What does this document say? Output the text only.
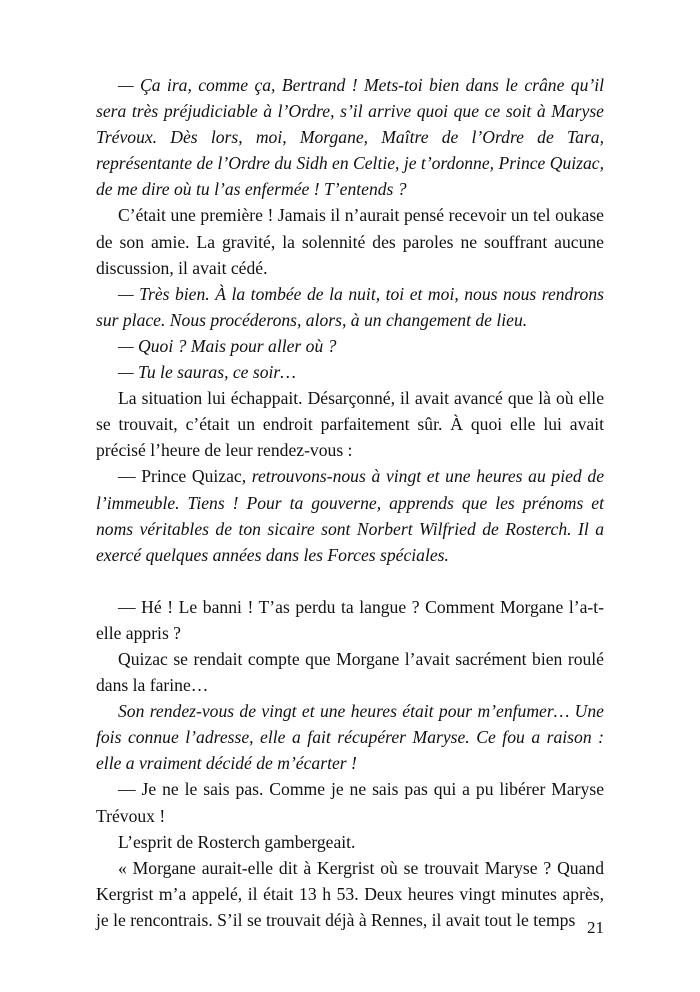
— Ça ira, comme ça, Bertrand ! Mets-toi bien dans le crâne qu’il sera très préjudiciable à l’Ordre, s’il arrive quoi que ce soit à Maryse Trévoux. Dès lors, moi, Morgane, Maître de l’Ordre de Tara, représentante de l’Ordre du Sidh en Celtie, je t’ordonne, Prince Quizac, de me dire où tu l’as enfermée ! T’entends ?

C’était une première ! Jamais il n’aurait pensé recevoir un tel oukase de son amie. La gravité, la solennité des paroles ne souffrant aucune discussion, il avait cédé.

— Très bien. À la tombée de la nuit, toi et moi, nous nous rendrons sur place. Nous procéderons, alors, à un changement de lieu.

— Quoi ? Mais pour aller où ?

— Tu le sauras, ce soir…

La situation lui échappait. Désarçonné, il avait avancé que là où elle se trouvait, c’était un endroit parfaitement sûr. À quoi elle lui avait précisé l’heure de leur rendez-vous :

— Prince Quizac, retrouvons-nous à vingt et une heures au pied de l’immeuble. Tiens ! Pour ta gouverne, apprends que les prénoms et noms véritables de ton sicaire sont Norbert Wilfried de Rosterch. Il a exercé quelques années dans les Forces spéciales.

— Hé ! Le banni ! T’as perdu ta langue ? Comment Morgane l’a-t-elle appris ?

Quizac se rendait compte que Morgane l’avait sacrément bien roulé dans la farine…

Son rendez-vous de vingt et une heures était pour m’enfumer… Une fois connue l’adresse, elle a fait récupérer Maryse. Ce fou a raison : elle a vraiment décidé de m’écarter !

— Je ne le sais pas. Comme je ne sais pas qui a pu libérer Maryse Trévoux !

L’esprit de Rosterch gambergeait.

« Morgane aurait-elle dit à Kergrist où se trouvait Maryse ? Quand Kergrist m’a appelé, il était 13 h 53. Deux heures vingt minutes après, je le rencontrais. S’il se trouvait déjà à Rennes, il avait tout le temps 21
